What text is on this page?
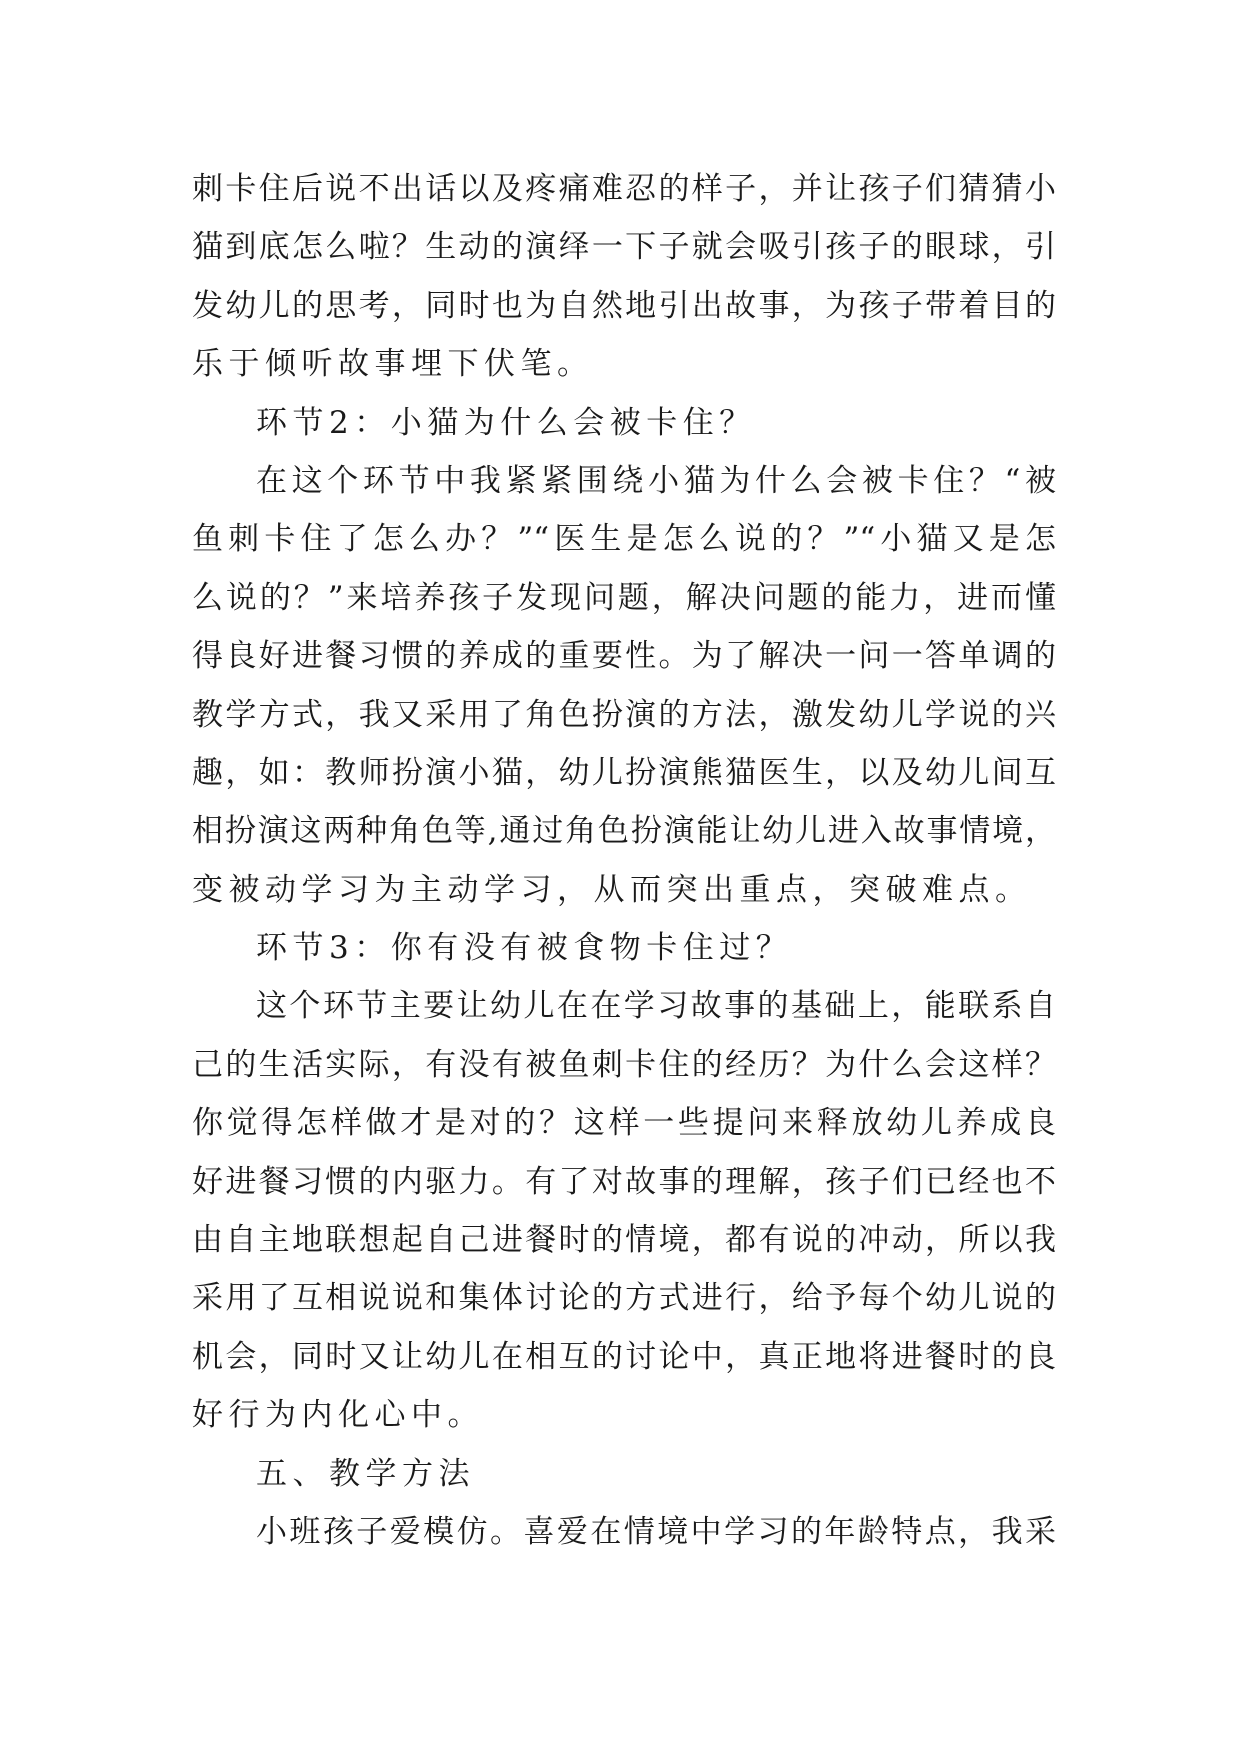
刺卡住后说不出话以及疼痛难忍的样子，并让孩子们猜猜小
猫到底怎么啦？生动的演绎一下子就会吸引孩子的眼球，引
发幼儿的思考，同时也为自然地引出故事，为孩子带着目的
乐于倾听故事埋下伏笔。
环节2：小猫为什么会被卡住？
在这个环节中我紧紧围绕小猫为什么会被卡住？“被
鱼刺卡住了怎么办？”“医生是怎么说的？”“小猫又是怎
么说的？”来培养孩子发现问题，解决问题的能力，进而懂
得良好进餐习惯的养成的重要性。为了解决一问一答单调的
教学方式，我又采用了角色扮演的方法，激发幼儿学说的兴
趣，如：教师扮演小猫，幼儿扮演熊猫医生，以及幼儿间互
相扮演这两种角色等,通过角色扮演能让幼儿进入故事情境，
变被动学习为主动学习，从而突出重点，突破难点。
环节3：你有没有被食物卡住过？
这个环节主要让幼儿在在学习故事的基础上，能联系自
己的生活实际，有没有被鱼刺卡住的经历？为什么会这样？
你觉得怎样做才是对的？这样一些提问来释放幼儿养成良
好进餐习惯的内驱力。有了对故事的理解，孩子们已经也不
由自主地联想起自己进餐时的情境，都有说的冲动，所以我
采用了互相说说和集体讨论的方式进行，给予每个幼儿说的
机会，同时又让幼儿在相互的讨论中，真正地将进餐时的良
好行为内化心中。
五、教学方法
小班孩子爱模仿。喜爱在情境中学习的年龄特点，我采
